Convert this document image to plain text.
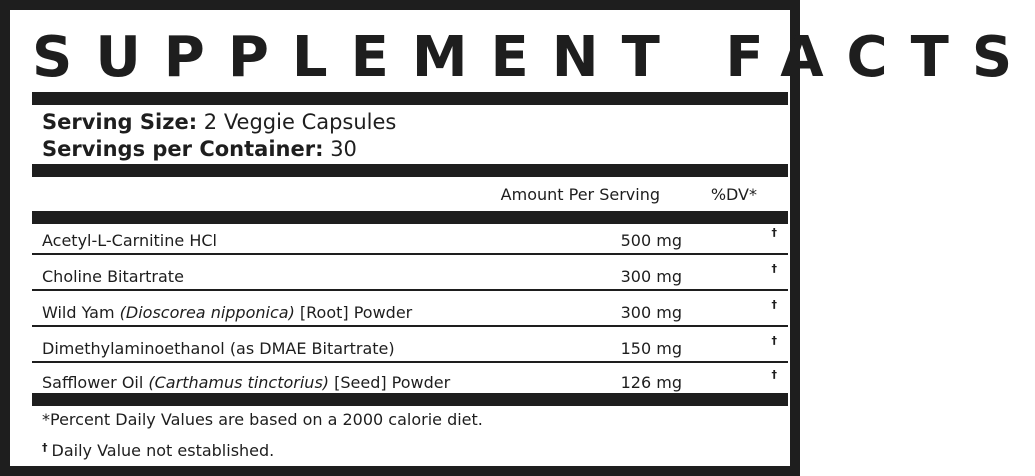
SUPPLEMENT FACTS
Serving Size: 2 Veggie Capsules
Servings per Container: 30
Amount Per Serving	%DV*
Acetyl-L-Carnitine HCl	500 mg	†
Choline Bitartrate	300 mg	†
Wild Yam (Dioscorea nipponica) [Root] Powder	300 mg	†
Dimethylaminoethanol (as DMAE Bitartrate)	150 mg	†
Safflower Oil (Carthamus tinctorius) [Seed] Powder	126 mg	†
*Percent Daily Values are based on a 2000 calorie diet.
† Daily Value not established.
